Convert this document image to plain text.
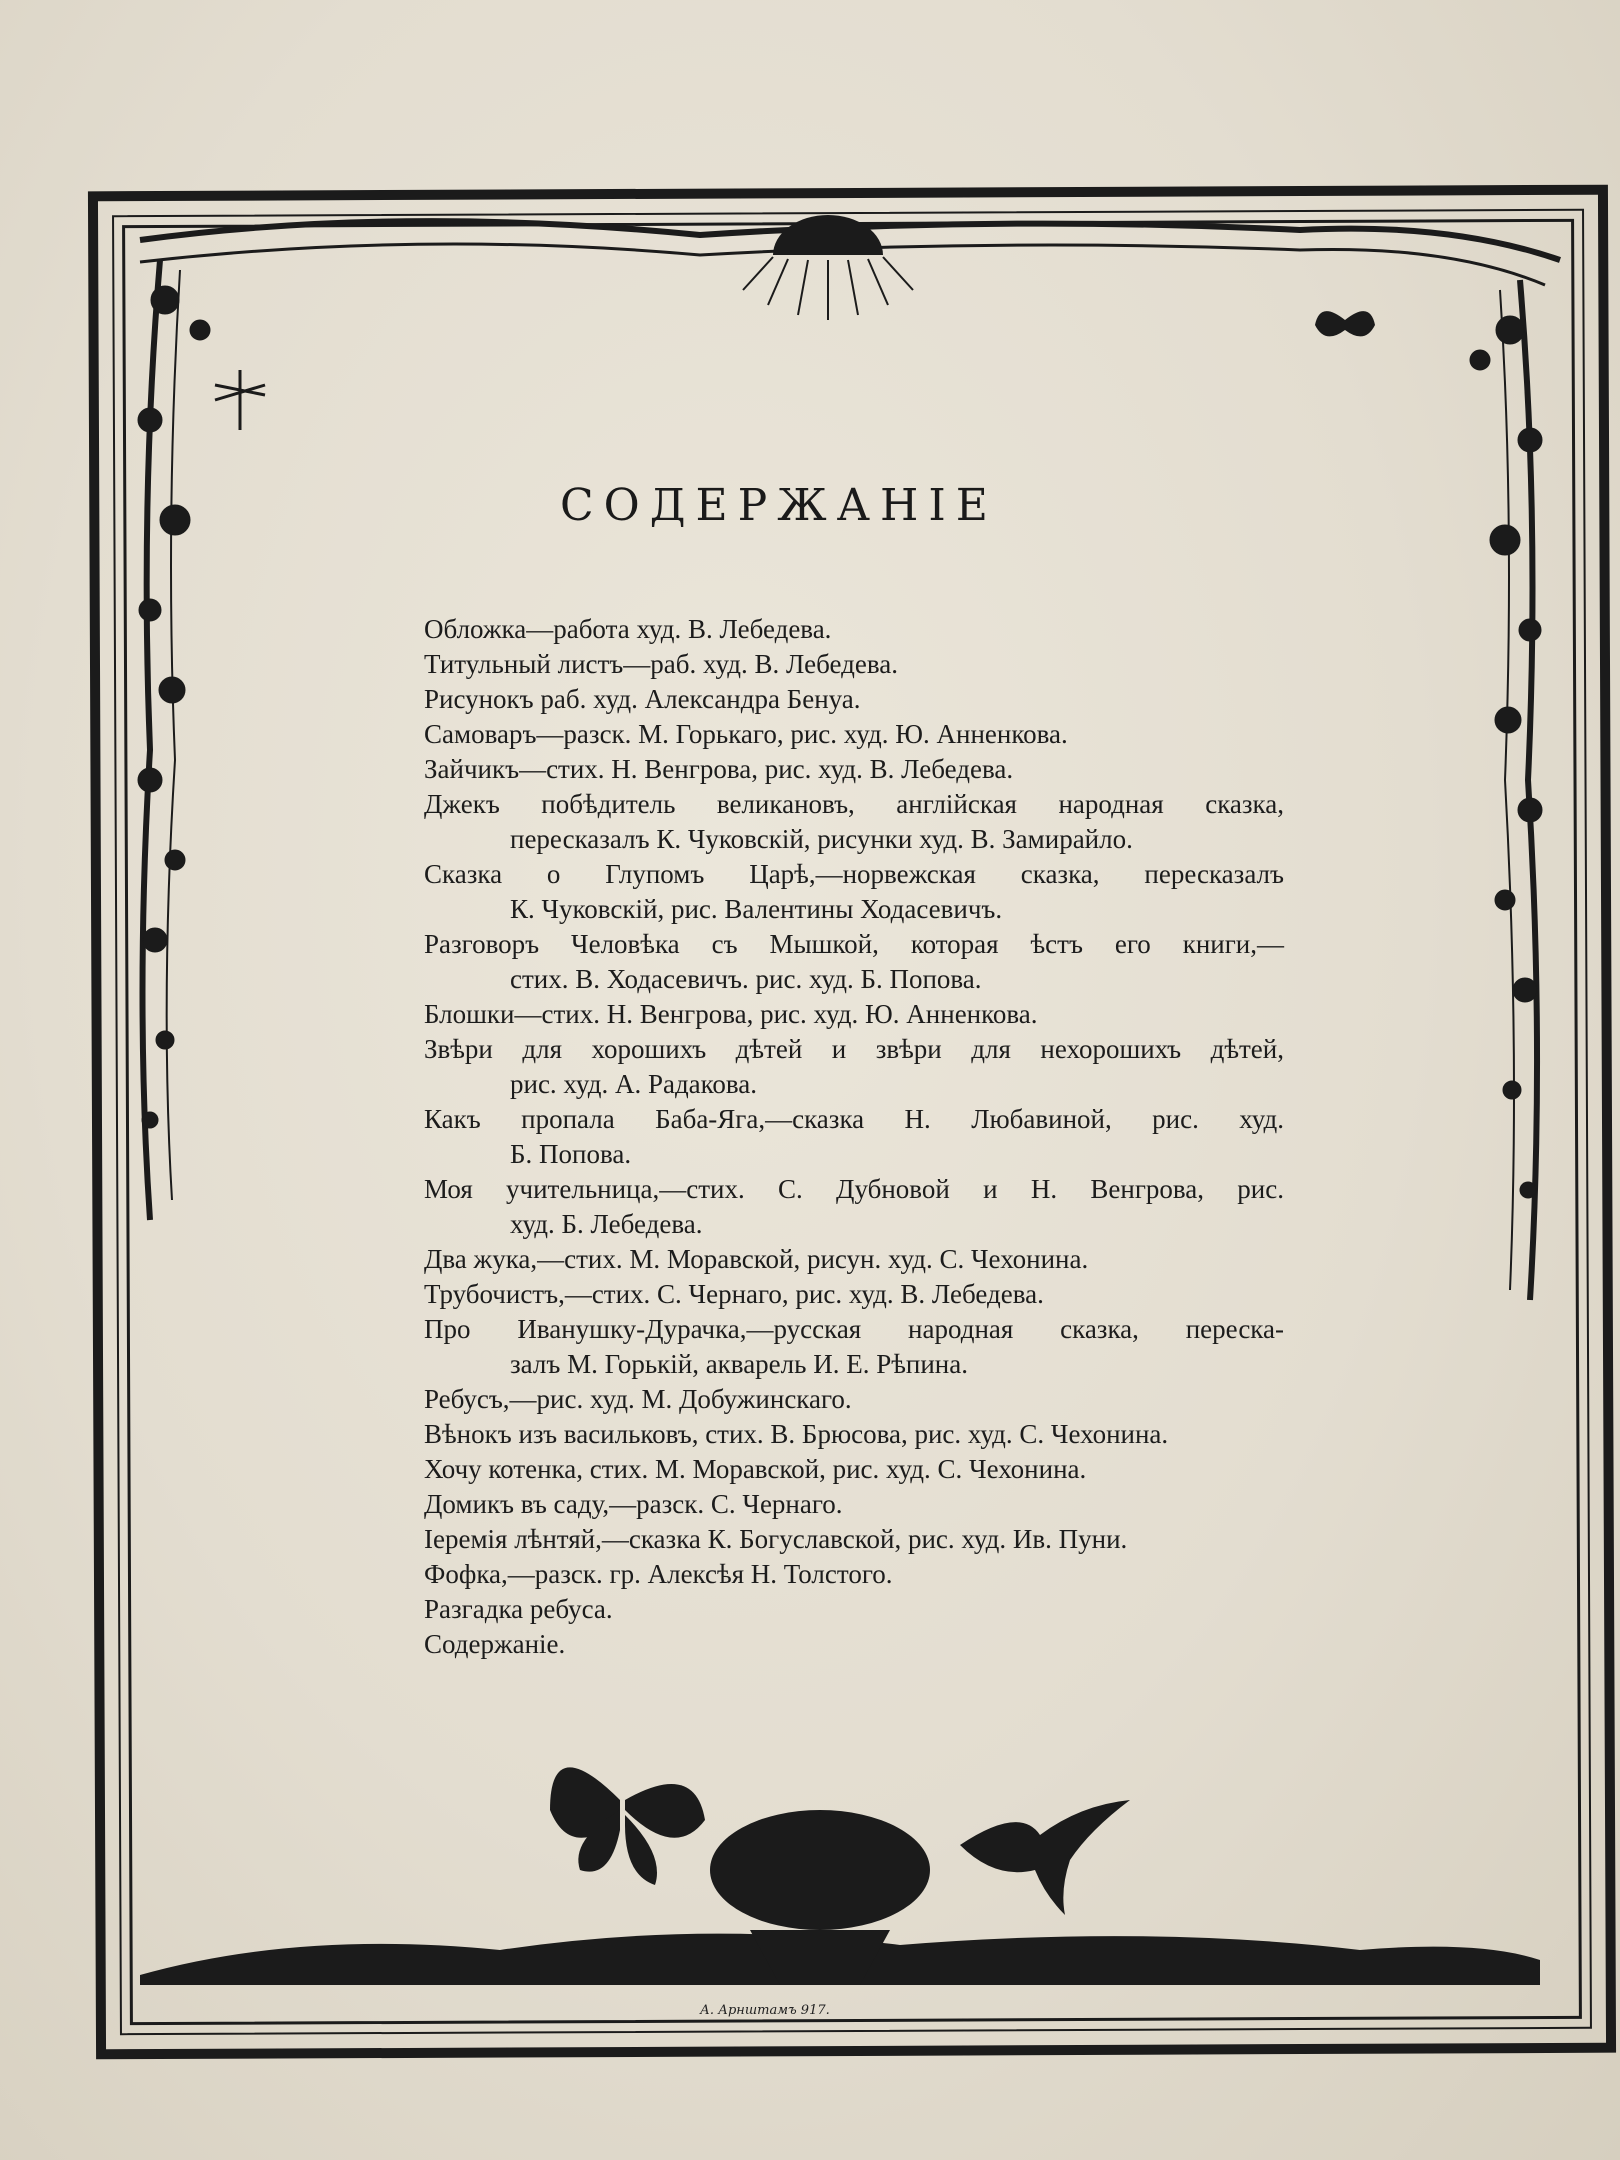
СОДЕРЖАНІЕ
Обложка—работа худ. В. Лебедева.
Титульный листъ—раб. худ. В. Лебедева.
Рисунокъ раб. худ. Александра Бенуа.
Самоваръ—разск. М. Горькаго, рис. худ. Ю. Анненкова.
Зайчикъ—стих. Н. Венгрова, рис. худ. В. Лебедева.
Джекъ побѣдитель великановъ, англійская народная сказка,
пересказалъ К. Чуковскій, рисунки худ. В. Замирайло.
Сказка о Глупомъ Царѣ,—норвежская сказка, пересказалъ
К. Чуковскій, рис. Валентины Ходасевичъ.
Разговоръ Человѣка съ Мышкой, которая ѣстъ его книги,—
стих. В. Ходасевичъ. рис. худ. Б. Попова.
Блошки—стих. Н. Венгрова, рис. худ. Ю. Анненкова.
Звѣри для хорошихъ дѣтей и звѣри для нехорошихъ дѣтей,
рис. худ. А. Радакова.
Какъ пропала Баба-Яга,—сказка Н. Любавиной, рис. худ.
Б. Попова.
Моя учительница,—стих. С. Дубновой и Н. Венгрова, рис.
худ. Б. Лебедева.
Два жука,—стих. М. Моравской, рисун. худ. С. Чехонина.
Трубочистъ,—стих. С. Чернаго, рис. худ. В. Лебедева.
Про Иванушку-Дурачка,—русская народная сказка, переска-
залъ М. Горькій, акварель И. Е. Рѣпина.
Ребусъ,—рис. худ. М. Добужинскаго.
Вѣнокъ изъ васильковъ, стих. В. Брюсова, рис. худ. С. Чехонина.
Хочу котенка, стих. М. Моравской, рис. худ. С. Чехонина.
Домикъ въ саду,—разск. С. Чернаго.
Іеремія лѣнтяй,—сказка К. Богуславской, рис. худ. Ив. Пуни.
Фофка,—разск. гр. Алексѣя Н. Толстого.
Разгадка ребуса.
Содержаніе.
А. Арнштамъ 917.
